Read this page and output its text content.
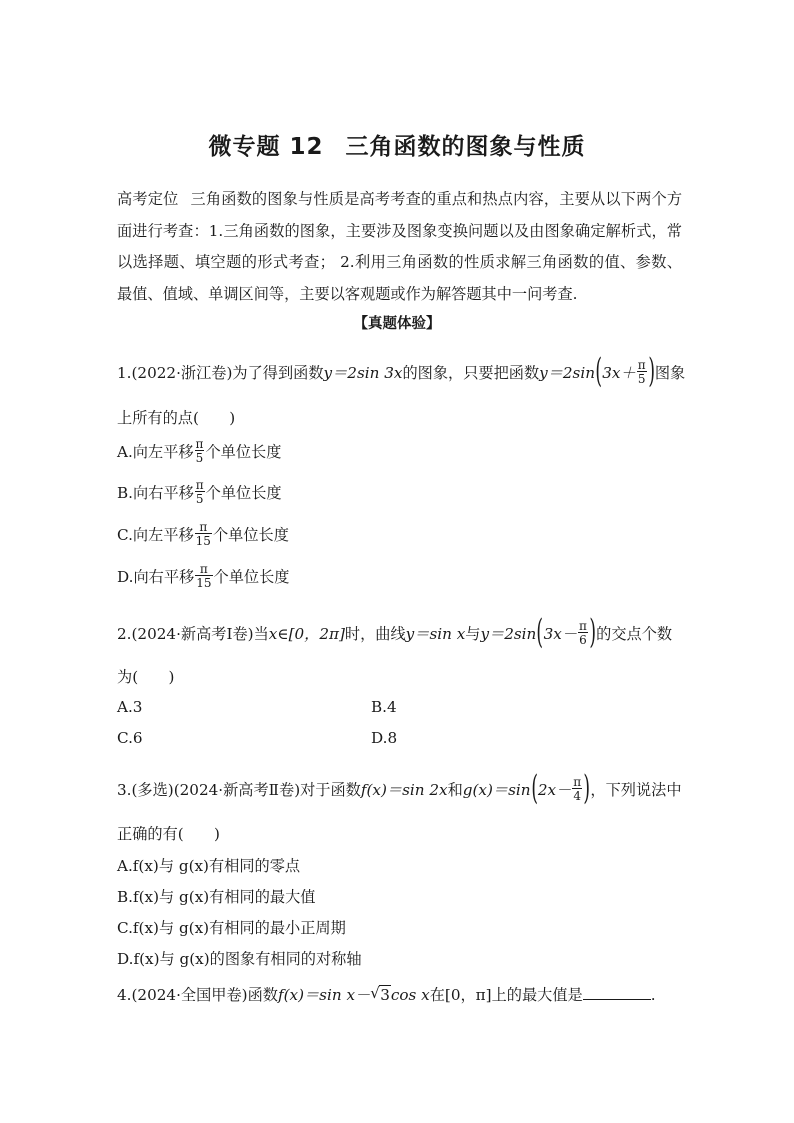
微专题 12 三角函数的图象与性质
高考定位 三角函数的图象与性质是高考考查的重点和热点内容，主要从以下两个方面进行考查：1.三角函数的图象，主要涉及图象变换问题以及由图象确定解析式，常以选择题、填空题的形式考查； 2.利用三角函数的性质求解三角函数的值、参数、最值、值域、单调区间等，主要以客观题或作为解答题其中一问考查.
【真题体验】
1.(2022·浙江卷)为了得到函数y＝2sin 3x的图象，只要把函数$y=2\sin(3x+ \frac{\pi}{5}$ )图象
上所有的点(　　)
A.向左平移 $\frac{\pi}{5}$ 个单位长度
B.向右平移 $\frac{\pi}{5}$ 个单位长度
C.向左平移 $\frac{\pi}{15}$ 个单位长度
D.向右平移 $\frac{\pi}{15}$ 个单位长度
2.(2024·新高考Ⅰ卷)当x∈[0，2π]时，曲线y＝sin x与$y=2\sin(3x- \frac{\pi}{6}$ )的交点个数
为(　　)
A.3	B.4
C.6	D.8
3.(多选)(2024·新高考Ⅱ卷)对于函数f(x)＝sin 2x和$g(x)=\sin(2x- \frac{\pi}{4}$ )，下列说法中
正确的有(　　)
A.f(x)与 g(x)有相同的零点
B.f(x)与 g(x)有相同的最大值
C.f(x)与 g(x)有相同的最小正周期
D.f(x)与 g(x)的图象有相同的对称轴
4.(2024·全国甲卷)函数f(x)＝sin x－ √ 3cos x在[0，π]上的最大值是	.
